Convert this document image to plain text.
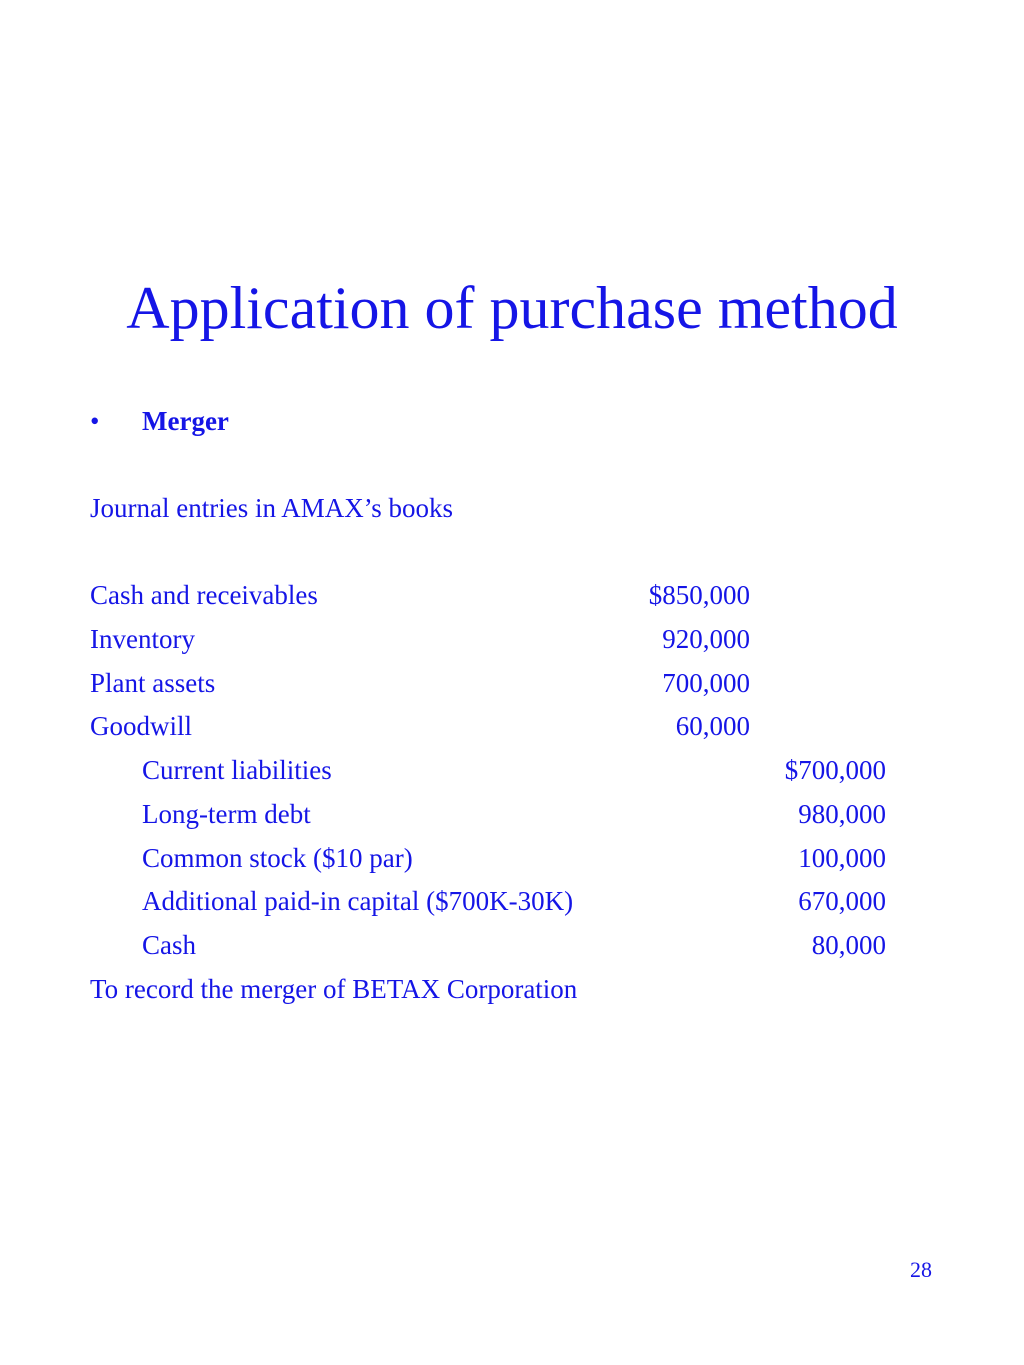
Application of purchase method
• Merger
Journal entries in AMAX’s books
Cash and receivables	$850,000
Inventory	920,000
Plant assets	700,000
Goodwill	60,000
Current liabilities	$700,000
Long-term debt	980,000
Common stock ($10 par)	100,000
Additional paid-in capital ($700K-30K)	670,000
Cash	80,000
To record the merger of BETAX Corporation
28
